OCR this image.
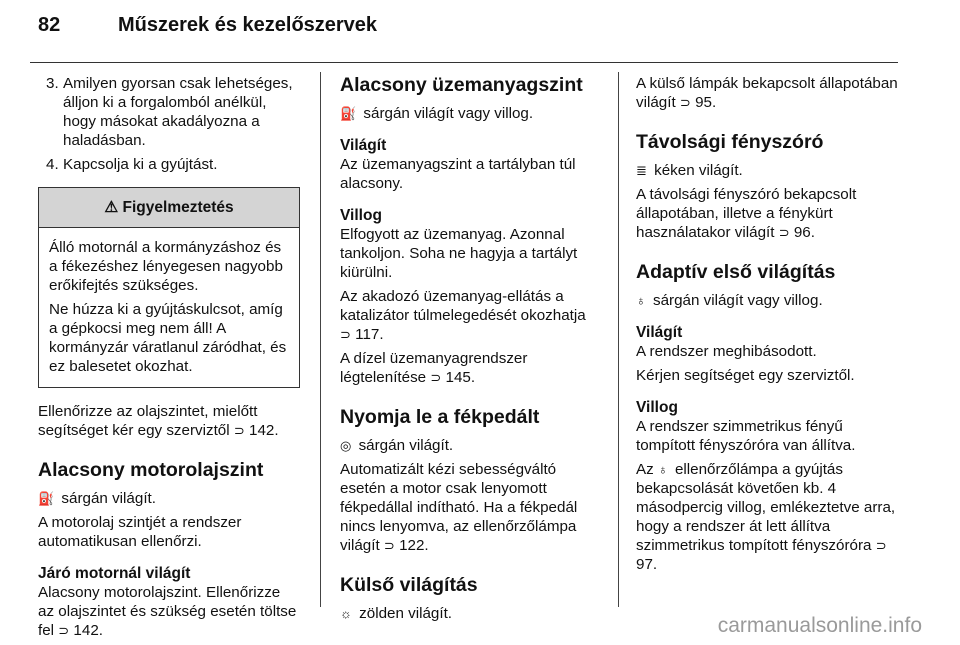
82	Műszerek és kezelőszervek
3. Amilyen gyorsan csak lehetséges, álljon ki a forgalomból anélkül, hogy másokat akadályozna a haladásban.
4. Kapcsolja ki a gyújtást.
⚠ Figyelmeztetés

Álló motornál a kormányzáshoz és a fékezéshez lényegesen nagyobb erőkifejtés szükséges.

Ne húzza ki a gyújtáskulcsot, amíg a gépkocsi meg nem áll! A kormányzár váratlanul záródhat, és ez balesetet okozhat.

Ellenőrizze az olajszintet, mielőtt segítséget kér egy szerviztől ⊃ 142.

Alacsony motorolajszint

⛽ sárgán világít.

A motorolaj szintjét a rendszer automatikusan ellenőrzi.

Járó motornál világít

Alacsony motorolajszint. Ellenőrizze az olajszintet és szükség esetén töltse fel ⊃ 142.

Alacsony üzemanyagszint

⛽ sárgán világít vagy villog.

Világít

Az üzemanyagszint a tartályban túl alacsony.

Villog

Elfogyott az üzemanyag. Azonnal tankoljon. Soha ne hagyja a tartályt kiürülni.

Az akadozó üzemanyag-ellátás a katalizátor túlmelegedését okozhatja ⊃ 117.

A dízel üzemanyagrendszer légtelenítése ⊃ 145.

Nyomja le a fékpedált

◎ sárgán világít.

Automatizált kézi sebességváltó esetén a motor csak lenyomott fékpedállal indítható. Ha a fékpedál nincs lenyomva, az ellenőrzőlámpa világít ⊃ 122.

Külső világítás

☼ zölden világít.

A külső lámpák bekapcsolt állapotában világít ⊃ 95.

Távolsági fényszóró

≣ kéken világít.

A távolsági fényszóró bekapcsolt állapotában, illetve a fénykürt használatakor világít ⊃ 96.

Adaptív első világítás

♁ sárgán világít vagy villog.

Világít

A rendszer meghibásodott.

Kérjen segítséget egy szerviztől.

Villog

A rendszer szimmetrikus fényű tompított fényszóróra van állítva.

Az ♁ ellenőrzőlámpa a gyújtás bekapcsolását követően kb. 4 másodpercig villog, emlékeztetve arra, hogy a rendszer át lett állítva szimmetrikus tompított fényszóróra ⊃ 97.

carmanualsonline.info
